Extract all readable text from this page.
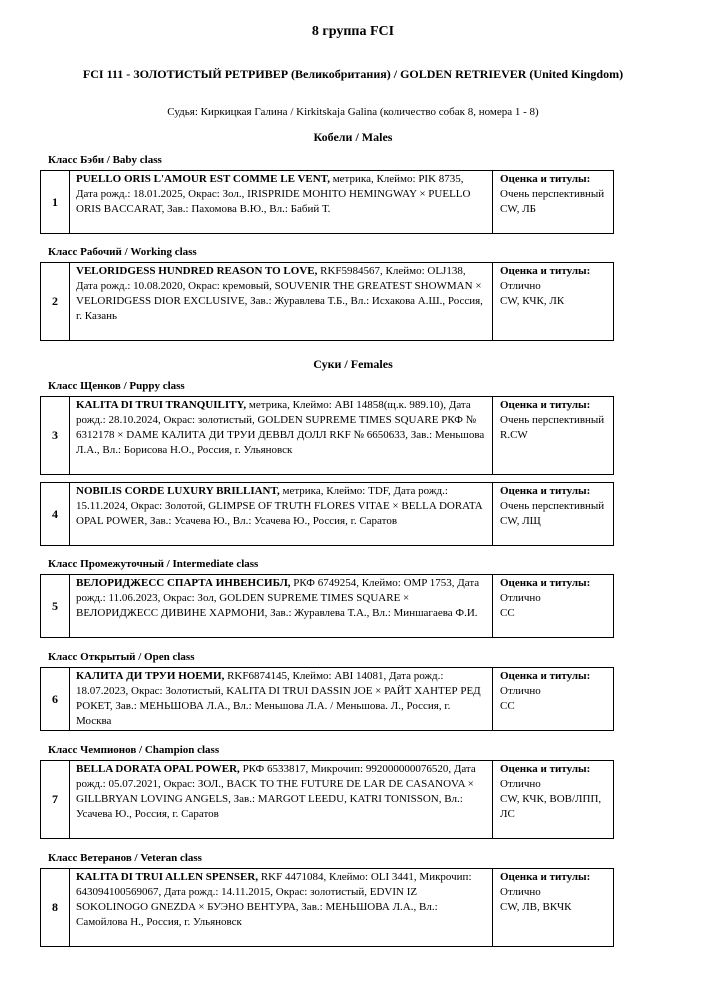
8 группа FCI
FCI 111 - ЗОЛОТИСТЫЙ РЕТРИВЕР (Великобритания) / GOLDEN RETRIEVER (United Kingdom)
Судья: Киркицкая Галина / Kirkitskaja Galina (количество собак 8, номера 1 - 8)
Кобели / Males
Класс Бэби / Baby class
1
PUELLO ORIS L'AMOUR EST COMME LE VENT, метрика, Клеймо: PIK 8735, Дата рожд.: 18.01.2025, Окрас: Зол., IRISPRIDE MOHITO HEMINGWAY × PUELLO ORIS BACCARAT, Зав.: Пахомова В.Ю., Вл.: Бабий Т.
Оценка и титулы:
Очень перспективный
CW, ЛБ
Класс Рабочий / Working class
2
VELORIDGESS HUNDRED REASON TO LOVE, RKF5984567, Клеймо: OLJ138, Дата рожд.: 10.08.2020, Окрас: кремовый, SOUVENIR THE GREATEST SHOWMAN × VELORIDGESS DIOR EXCLUSIVE, Зав.: Журавлева Т.Б., Вл.: Исхакова А.Ш., Россия, г. Казань
Оценка и титулы:
Отлично
CW, КЧК, ЛК
Суки / Females
Класс Щенков / Puppy class
3
KALITA DI TRUI TRANQUILITY, метрика, Клеймо: ABI 14858(щ.к. 989.10), Дата рожд.: 28.10.2024, Окрас: золотистый, GOLDEN SUPREME TIMES SQUARE РКФ № 6312178 × DAME КАЛИТА ДИ ТРУИ ДЕВВЛ ДОЛЛ RKF № 6650633, Зав.: Меньшова Л.А., Вл.: Борисова Н.О., Россия, г. Ульяновск
Оценка и титулы:
Очень перспективный
R.CW
4
NOBILIS CORDE LUXURY BRILLIANT, метрика, Клеймо: TDF, Дата рожд.: 15.11.2024, Окрас: Золотой, GLIMPSE OF TRUTH FLORES VITAE × BELLA DORATA OPAL POWER, Зав.: Усачева Ю., Вл.: Усачева Ю., Россия, г. Саратов
Оценка и титулы:
Очень перспективный
CW, ЛЩ
Класс Промежуточный / Intermediate class
5
ВЕЛОРИДЖЕСС СПАРТА ИНВЕНСИБЛ, РКФ 6749254, Клеймо: OMP 1753, Дата рожд.: 11.06.2023, Окрас: Зол, GOLDEN SUPREME TIMES SQUARE × ВЕЛОРИДЖЕСС ДИВИНЕ ХАРМОНИ, Зав.: Журавлева Т.А., Вл.: Миншагаева Ф.И.
Оценка и титулы:
Отлично
CC
Класс Открытый / Open class
6
КАЛИТА ДИ ТРУИ НОЕМИ, RKF6874145, Клеймо: ABI 14081, Дата рожд.: 18.07.2023, Окрас: Золотистый, KALITA DI TRUI DASSIN JOE × РАЙТ ХАНТЕР РЕД РОКЕТ, Зав.: МЕНЬШОВА Л.А., Вл.: Меньшова Л.А. / Меньшова. Л., Россия, г. Москва
Оценка и титулы:
Отлично
CC
Класс Чемпионов / Champion class
7
BELLA DORATA OPAL POWER, РКФ 6533817, Микрочип: 992000000076520, Дата рожд.: 05.07.2021, Окрас: ЗОЛ., BACK TO THE FUTURE DE LAR DE CASANOVA × GILLBRYAN LOVING ANGELS, Зав.: MARGOT LEEDU, KATRI TONISSON, Вл.: Усачева Ю., Россия, г. Саратов
Оценка и титулы:
Отлично
CW, КЧК, BOB/ЛПП,
ЛС
Класс Ветеранов / Veteran class
8
KALITA DI TRUI ALLEN SPENSER, RKF 4471084, Клеймо: OLI 3441, Микрочип: 643094100569067, Дата рожд.: 14.11.2015, Окрас: золотистый, EDVIN IZ SOKOLINOGO GNEZDA × БУЭНО ВЕНТУРА, Зав.: МЕНЬШОВА Л.А., Вл.: Самойлова Н., Россия, г. Ульяновск
Оценка и титулы:
Отлично
CW, ЛВ, ВКЧК
